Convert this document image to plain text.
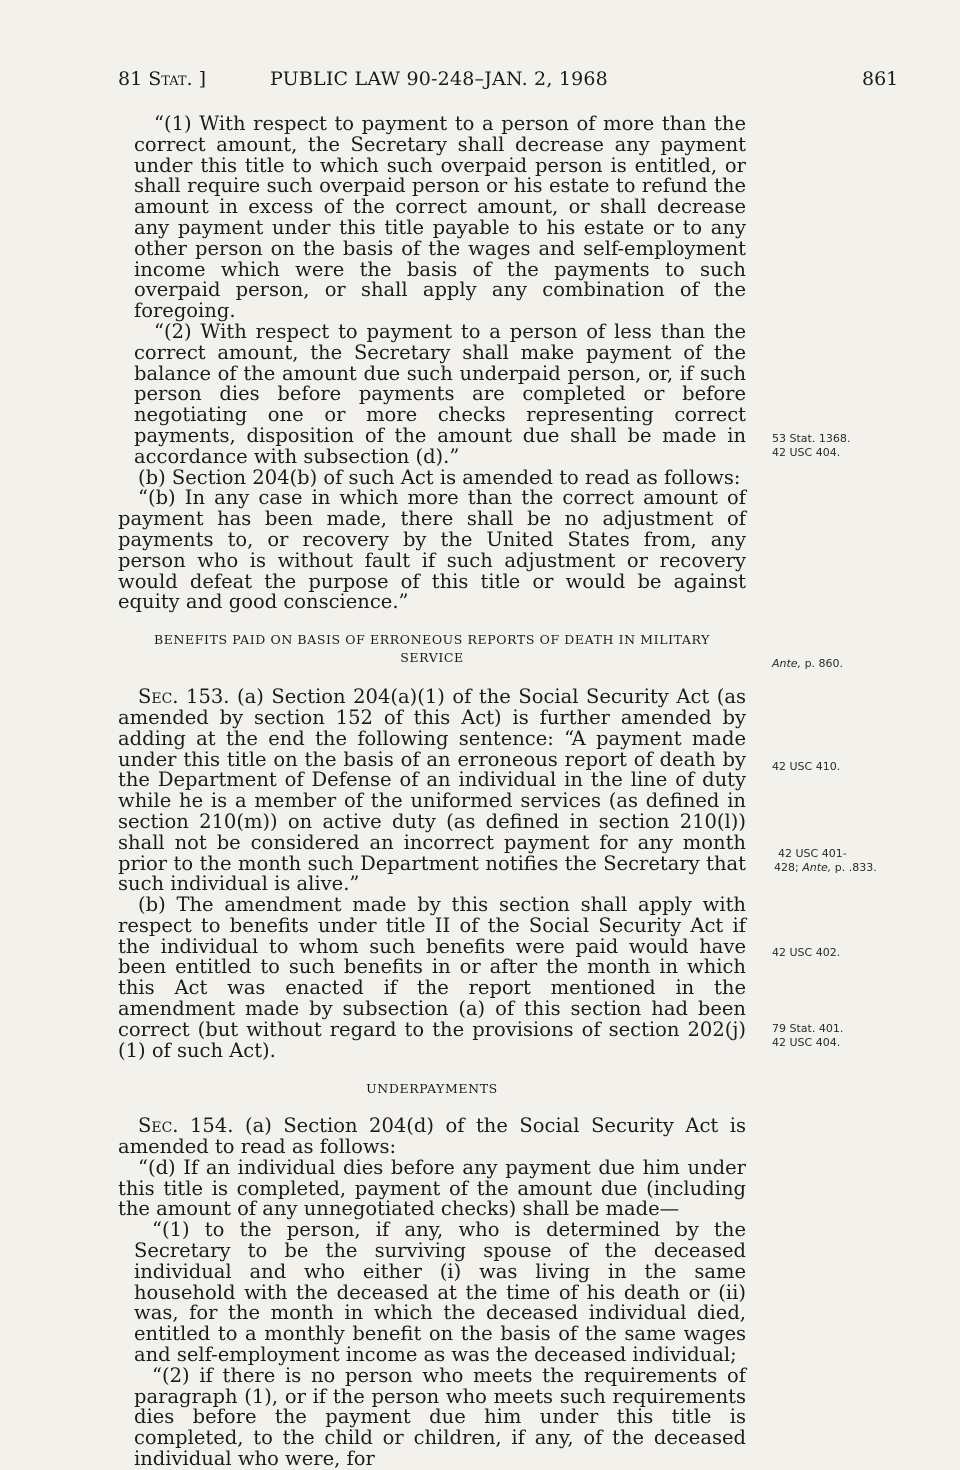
81 Stat. ]	PUBLIC LAW 90-248–JAN. 2, 1968	861

“(1) With respect to payment to a person of more than the correct amount, the Secretary shall decrease any payment under this title to which such overpaid person is entitled, or shall require such overpaid person or his estate to refund the amount in excess of the correct amount, or shall decrease any payment under this title payable to his estate or to any other person on the basis of the wages and self-employment income which were the basis of the payments to such overpaid person, or shall apply any combination of the foregoing.

“(2) With respect to payment to a person of less than the correct amount, the Secretary shall make payment of the balance of the amount due such underpaid person, or, if such person dies before payments are completed or before negotiating one or more checks representing correct payments, disposition of the amount due shall be made in accordance with subsection (d).”

(b) Section 204(b) of such Act is amended to read as follows:

“(b) In any case in which more than the correct amount of payment has been made, there shall be no adjustment of payments to, or recovery by the United States from, any person who is without fault if such adjustment or recovery would defeat the purpose of this title or would be against equity and good conscience.”

BENEFITS PAID ON BASIS OF ERRONEOUS REPORTS OF DEATH IN MILITARY SERVICE

Sec. 153. (a) Section 204(a)(1) of the Social Security Act (as amended by section 152 of this Act) is further amended by adding at the end the following sentence: “A payment made under this title on the basis of an erroneous report of death by the Department of Defense of an individual in the line of duty while he is a member of the uniformed services (as defined in section 210(m)) on active duty (as defined in section 210(l)) shall not be considered an incorrect payment for any month prior to the month such Department notifies the Secretary that such individual is alive.”

(b) The amendment made by this section shall apply with respect to benefits under title II of the Social Security Act if the individual to whom such benefits were paid would have been entitled to such benefits in or after the month in which this Act was enacted if the report mentioned in the amendment made by subsection (a) of this section had been correct (but without regard to the provisions of section 202(j)(1) of such Act).

UNDERPAYMENTS

Sec. 154. (a) Section 204(d) of the Social Security Act is amended to read as follows:

“(d) If an individual dies before any payment due him under this title is completed, payment of the amount due (including the amount of any unnegotiated checks) shall be made—

“(1) to the person, if any, who is determined by the Secretary to be the surviving spouse of the deceased individual and who either (i) was living in the same household with the deceased at the time of his death or (ii) was, for the month in which the deceased individual died, entitled to a monthly benefit on the basis of the same wages and self-employment income as was the deceased individual;

“(2) if there is no person who meets the requirements of paragraph (1), or if the person who meets such requirements dies before the payment due him under this title is completed, to the child or children, if any, of the deceased individual who were, for

53 Stat. 1368.
42 USC 404.
Ante, p. 860.
42 USC 410.
42 USC 401-
428; Ante, p. .833.
42 USC 402.
79 Stat. 401.
42 USC 404.
